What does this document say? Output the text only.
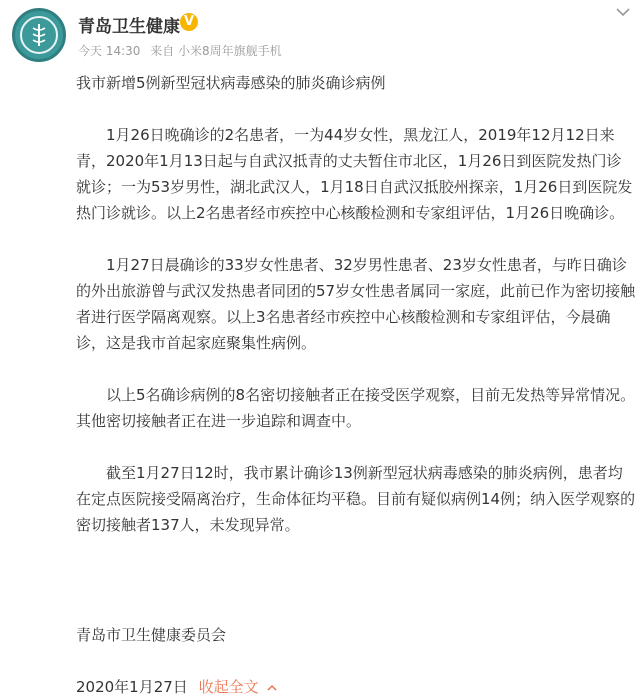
青岛卫生健康 V
今天 14:30 来自 小米8周年旗舰手机

我市新增5例新型冠状病毒感染的肺炎确诊病例

1月26日晚确诊的2名患者，一为44岁女性，黑龙江人，2019年12月12日来青，2020年1月13日起与自武汉抵青的丈夫暂住市北区，1月26日到医院发热门诊就诊；一为53岁男性，湖北武汉人，1月18日自武汉抵胶州探亲，1月26日到医院发热门诊就诊。以上2名患者经市疾控中心核酸检测和专家组评估，1月26日晚确诊。

1月27日晨确诊的33岁女性患者、32岁男性患者、23岁女性患者，与昨日确诊的外出旅游曾与武汉发热患者同团的57岁女性患者属同一家庭，此前已作为密切接触者进行医学隔离观察。以上3名患者经市疾控中心核酸检测和专家组评估，今晨确诊，这是我市首起家庭聚集性病例。

以上5名确诊病例的8名密切接触者正在接受医学观察，目前无发热等异常情况。其他密切接触者正在进一步追踪和调查中。

截至1月27日12时，我市累计确诊13例新型冠状病毒感染的肺炎病例，患者均在定点医院接受隔离治疗，生命体征均平稳。目前有疑似病例14例；纳入医学观察的密切接触者137人，未发现异常。

青岛市卫生健康委员会

2020年1月27日 收起全文
